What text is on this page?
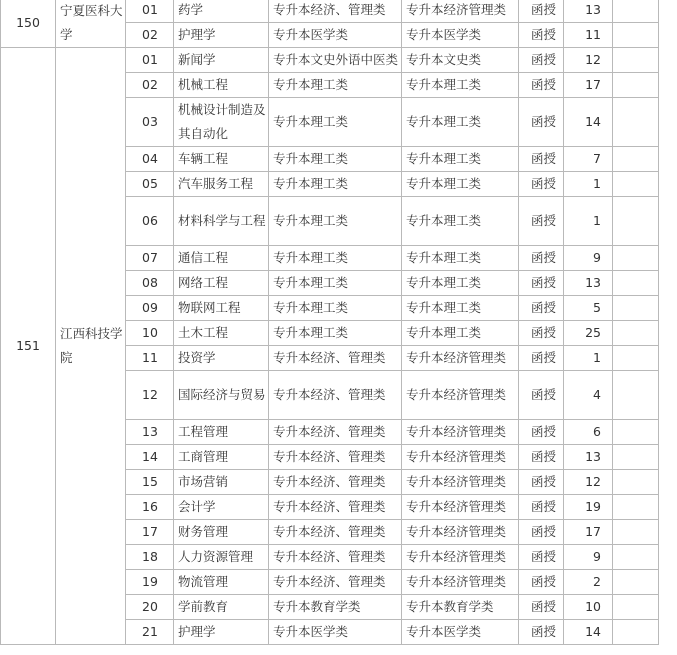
150	宁夏医科大学	01	药学	专升本经济、管理类	专升本经济管理类	函授	13	
		02	护理学	专升本医学类	专升本医学类	函授	11	
151	江西科技学院	01	新闻学	专升本文史外语中医类	专升本文史类	函授	12	
		02	机械工程	专升本理工类	专升本理工类	函授	17	
		03	机械设计制造及其自动化	专升本理工类	专升本理工类	函授	14	
		04	车辆工程	专升本理工类	专升本理工类	函授	7	
		05	汽车服务工程	专升本理工类	专升本理工类	函授	1	
		06	材料科学与工程	专升本理工类	专升本理工类	函授	1	
		07	通信工程	专升本理工类	专升本理工类	函授	9	
		08	网络工程	专升本理工类	专升本理工类	函授	13	
		09	物联网工程	专升本理工类	专升本理工类	函授	5	
		10	土木工程	专升本理工类	专升本理工类	函授	25	
		11	投资学	专升本经济、管理类	专升本经济管理类	函授	1	
		12	国际经济与贸易	专升本经济、管理类	专升本经济管理类	函授	4	
		13	工程管理	专升本经济、管理类	专升本经济管理类	函授	6	
		14	工商管理	专升本经济、管理类	专升本经济管理类	函授	13	
		15	市场营销	专升本经济、管理类	专升本经济管理类	函授	12	
		16	会计学	专升本经济、管理类	专升本经济管理类	函授	19	
		17	财务管理	专升本经济、管理类	专升本经济管理类	函授	17	
		18	人力资源管理	专升本经济、管理类	专升本经济管理类	函授	9	
		19	物流管理	专升本经济、管理类	专升本经济管理类	函授	2	
		20	学前教育	专升本教育学类	专升本教育学类	函授	10	
		21	护理学	专升本医学类	专升本医学类	函授	14	
